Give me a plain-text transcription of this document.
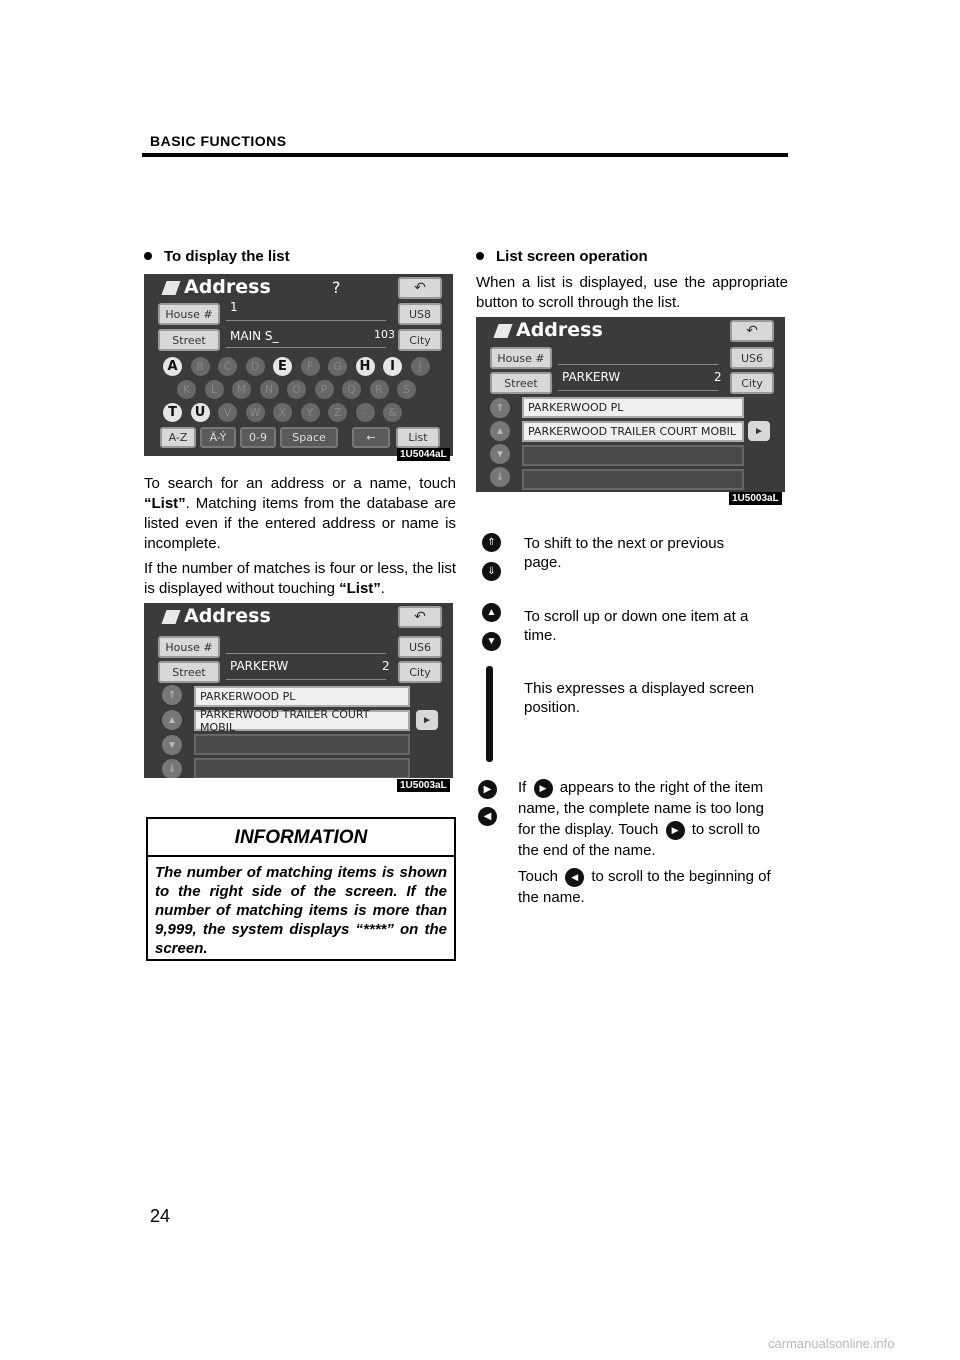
BASIC FUNCTIONS
To display the list
Address	?	↶
House #	1	US8
Street	MAIN S_	103	City
A	B	C	D	E	F	G	H	I	J
K	L	M	N	O	P	Q	R	S
T	U	V	W	X	Y	Z	-	&
A-Z	Ä-Ý	0-9	Space	←	List
1U5044aL

To search for an address or a name, touch “List”. Matching items from the database are listed even if the entered address or name is incomplete.

If the number of matches is four or less, the list is displayed without touching “List”.

Address	↶
House #	US6
Street	PARKERW	2	City
⇑
▲
▼
⇓
PARKERWOOD PL
PARKERWOOD TRAILER COURT MOBIL
►
1U5003aL
INFORMATION
The number of matching items is shown to the right side of the screen. If the number of matching items is more than 9,999, the system displays “****” on the screen.
List screen operation

When a list is displayed, use the appropriate button to scroll through the list.

Address	↶
House #	US6
Street	PARKERW	2	City
⇑
▲
▼
⇓
PARKERWOOD PL
PARKERWOOD TRAILER COURT MOBIL	►
1U5003aL
⇑
⇓
To shift to the next or previous page.
▲
▼
To scroll up or down one item at a time.
This expresses a displayed screen position.
▶
◀
If ▶ appears to the right of the item name, the complete name is too long for the display. Touch ▶ to scroll to the end of the name.
Touch ◀ to scroll to the beginning of the name.
24
carmanualsonline.info
